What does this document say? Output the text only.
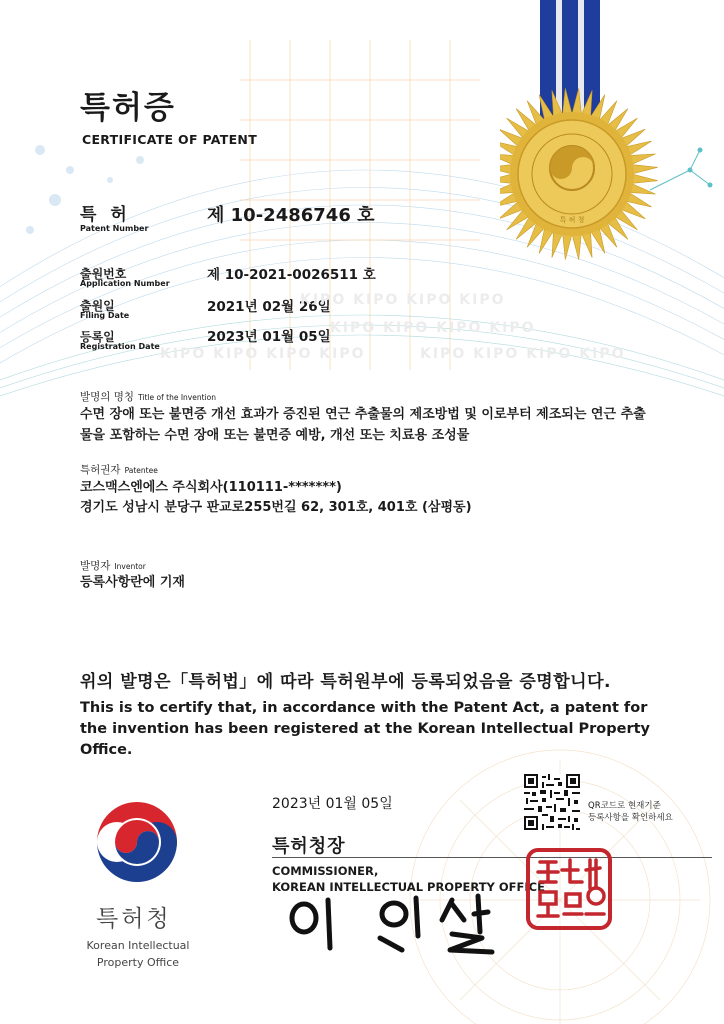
특허증
CERTIFICATE OF PATENT
특 허 청
특 허
Patent Number
제 10-2486746 호
출원번호
Application Number
제 10-2021-0026511 호
출원일
Filing Date
2021년 02월 26일
등록일
Registration Date
2023년 01월 05일
KIPO KIPO KIPO KIPO
KIPO KIPO KIPO KIPO
KIPO KIPO KIPO KIPO	KIPO KIPO KIPO KIPO
발명의 명칭 Title of the Invention
수면 장애 또는 불면증 개선 효과가 증진된 연근 추출물의 제조방법 및 이로부터 제조되는 연근 추출
물을 포함하는 수면 장애 또는 불면증 예방, 개선 또는 치료용 조성물
특허권자 Patentee
코스맥스엔에스 주식회사(110111-*******)
경기도 성남시 분당구 판교로255번길 62, 301호, 401호 (삼평동)
발명자 Inventor
등록사항란에 기재
위의 발명은「특허법」에 따라 특허원부에 등록되었음을 증명합니다.
This is to certify that, in accordance with the Patent Act, a patent for the invention has been registered at the Korean Intellectual Property Office.
2023년 01월 05일	QR코드로 현재기준
등록사항을 확인하세요
특허청장
COMMISSIONER,
KOREAN INTELLECTUAL PROPERTY OFFICE
특허청
Korean Intellectual
Property Office
